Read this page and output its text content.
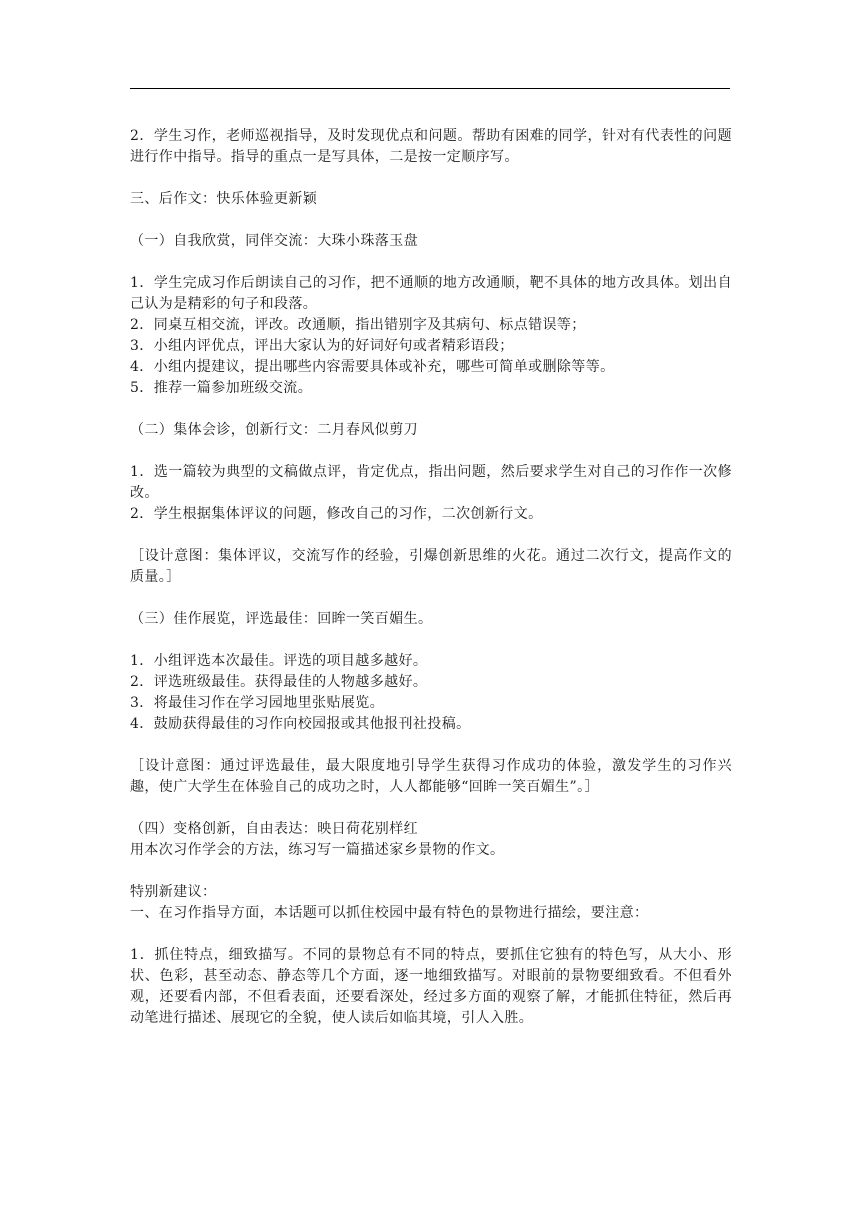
2．学生习作，老师巡视指导，及时发现优点和问题。帮助有困难的同学，针对有代表性的问题进行作中指导。指导的重点一是写具体，二是按一定顺序写。

三、后作文：快乐体验更新颖

（一）自我欣赏，同伴交流：大珠小珠落玉盘

1．学生完成习作后朗读自己的习作，把不通顺的地方改通顺，靶不具体的地方改具体。划出自己认为是精彩的句子和段落。

2．同桌互相交流，评改。改通顺，指出错别字及其病句、标点错误等；

3．小组内评优点，评出大家认为的好词好句或者精彩语段；

4．小组内提建议，提出哪些内容需要具体或补充，哪些可简单或删除等等。

5．推荐一篇参加班级交流。

（二）集体会诊，创新行文：二月春风似剪刀

1．选一篇较为典型的文稿做点评，肯定优点，指出问题，然后要求学生对自己的习作作一次修改。

2．学生根据集体评议的问题，修改自己的习作，二次创新行文。

［设计意图：集体评议，交流写作的经验，引爆创新思维的火花。通过二次行文，提高作文的质量。］

（三）佳作展览，评选最佳：回眸一笑百媚生。

1．小组评选本次最佳。评选的项目越多越好。

2．评选班级最佳。获得最佳的人物越多越好。

3．将最佳习作在学习园地里张贴展览。

4．鼓励获得最佳的习作向校园报或其他报刊社投稿。

［设计意图：通过评选最佳，最大限度地引导学生获得习作成功的体验，激发学生的习作兴趣，使广大学生在体验自己的成功之时，人人都能够“回眸一笑百媚生”。］

（四）变格创新，自由表达：映日荷花别样红

用本次习作学会的方法，练习写一篇描述家乡景物的作文。

特别新建议：

一、在习作指导方面，本话题可以抓住校园中最有特色的景物进行描绘，要注意：

1．抓住特点，细致描写。不同的景物总有不同的特点，要抓住它独有的特色写，从大小、形状、色彩，甚至动态、静态等几个方面，逐一地细致描写。对眼前的景物要细致看。不但看外观，还要看内部，不但看表面，还要看深处，经过多方面的观察了解，才能抓住特征，然后再动笔进行描述、展现它的全貌，使人读后如临其境，引人入胜。
